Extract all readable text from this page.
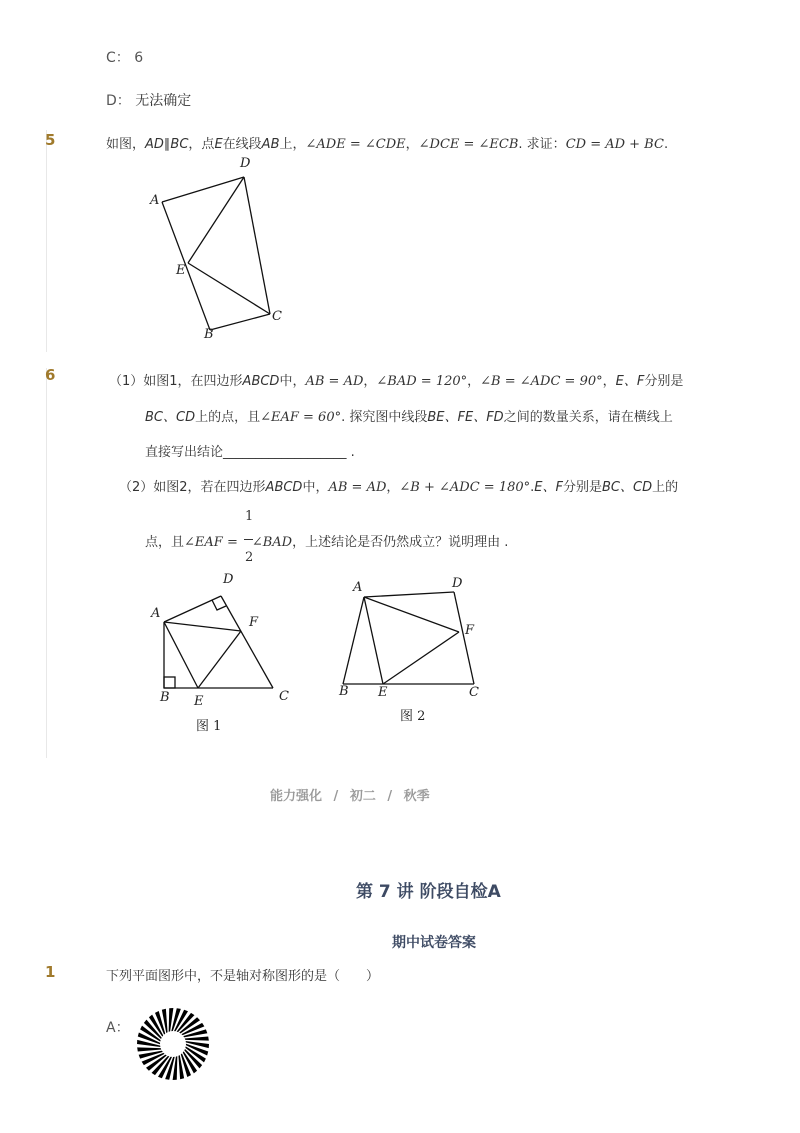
C： 6
D： 无法确定
5	如图，AD∥BC，点E在线段AB上，∠ADE = ∠CDE，∠DCE = ∠ECB. 求证：CD = AD + BC.
A
D
E
C
B
6	（1）如图1，在四边形ABCD中，AB = AD，∠BAD = 120°，∠B = ∠ADC = 90°，E、F分别是
BC、CD上的点，且∠EAF = 60°. 探究图中线段BE、FE、FD之间的数量关系，请在横线上
直接写出结论___________________ .
（2）如图2，若在四边形ABCD中，AB = AD，∠B + ∠ADC = 180°.E、F分别是BC、CD上的
1
2
点，且∠EAF = ∠BAD，上述结论是否仍然成立？说明理由 .
A
D
F
B E	C
图 1
A	D
F
B E	C
图 2
能力强化 / 初二 / 秋季
第 7 讲 阶段自检A
期中试卷答案
1	下列平面图形中，不是轴对称图形的是（　　）
A：
